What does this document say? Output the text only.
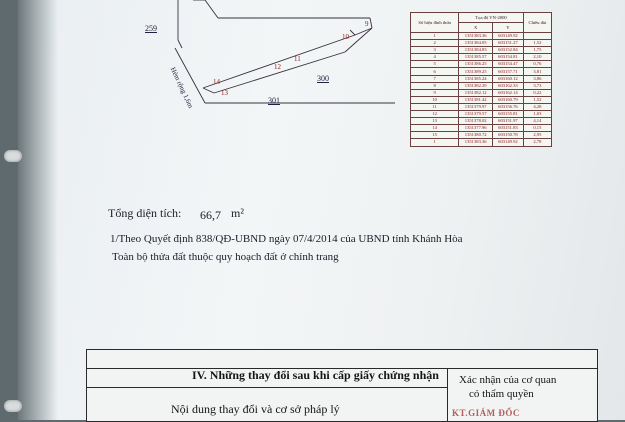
259
300
301
Hẻm rộng 1,6m
9
10
11
12
13
14
Số hiệu đỉnh thửa	Tọa độ VN-2000		Chiều dài
	X	Y	
1	1351383.36	603149.92	
2	1351384.05	603151.27	1,52
3	1351384.83	603152.84	1,75
4	1351385.57	603154.81	2,10
5	1351386.25	603154.47	0,76
6	1351389.25	603157.71	3,81
7	1351385.24	603160.12	3,86
8	1351382.29	603162.33	3,73
9	1351382.12	603162.14	0,22
10	1351381.42	603160.79	1,52
11	1351379.97	603156.76	4,28
12	1351379.57	603155.81	1,03
13	1351378.02	603151.97	4,14
14	1351377.96	603151.83	0,15
15	1351380.72	603150.78	2,95
1	1351383.36	603149.92	2,78
Tổng diện tích: 66,7 m²
1/Theo Quyết định 838/QĐ-UBND ngày 07/4/2014 của UBND tỉnh Khánh Hòa
Toàn bộ thửa đất thuộc quy hoạch đất ở chỉnh trang
IV. Những thay đổi sau khi cấp giấy chứng nhận
Nội dung thay đổi và cơ sở pháp lý
Xác nhận của cơ quan
có thẩm quyền
KT.GIÁM ĐỐC
